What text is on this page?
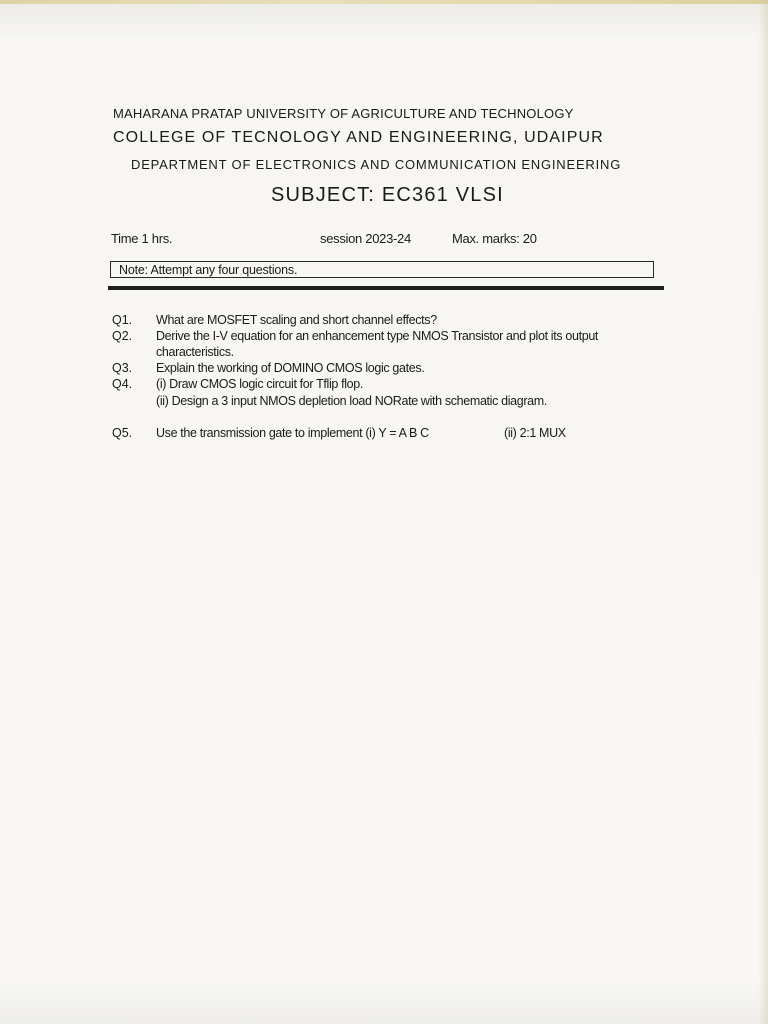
MAHARANA PRATAP UNIVERSITY OF AGRICULTURE AND TECHNOLOGY
COLLEGE OF TECNOLOGY AND ENGINEERING, UDAIPUR
DEPARTMENT OF ELECTRONICS AND COMMUNICATION ENGINEERING
SUBJECT: EC361 VLSI
Time 1 hrs.	session 2023-24	Max. marks: 20
Note: Attempt any four questions.
Q1. What are MOSFET scaling and short channel effects?
Q2. Derive the I-V equation for an enhancement type NMOS Transistor and plot its output
characteristics.
Q3. Explain the working of DOMINO CMOS logic gates.
Q4. (i) Draw CMOS logic circuit for Tflip flop.
(ii) Design a 3 input NMOS depletion load NORate with schematic diagram.
Q5. Use the transmission gate to implement (i) Y = A B C	(ii) 2:1 MUX
